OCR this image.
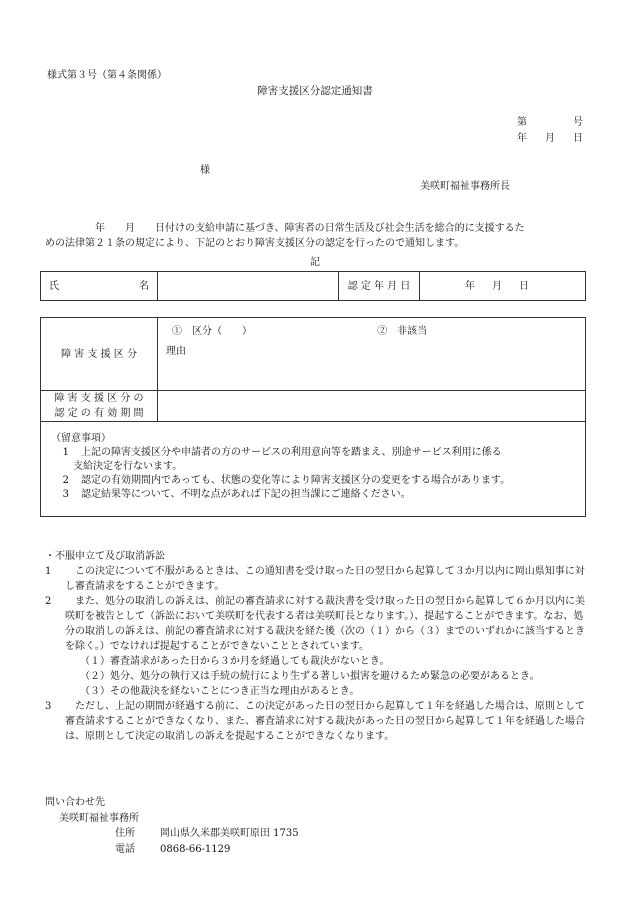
様式第３号（第４条関係）
障害支援区分認定通知書
第	号
年 月 日
様
美咲町福祉事務所長
年　　月　　日付けの支給申請に基づき、障害者の日常生活及び社会生活を総合的に支援するた
めの法律第２１条の規定により、下記のとおり障害支援区分の認定を行ったので通知します。
記
氏	名		認 定 年 月 日	年 月 日
障 害 支 援 区 分	①　区分（　　） ②　非該当
	理由

障 害 支 援 区 分 の
認 定 の 有 効 期 間	

（留意事項）
1	上記の障害支援区分や申請者の方のサービスの利用意向等を踏まえ、別途サービス利用に係る
支給決定を行ないます。
2	認定の有効期間内であっても、状態の変化等により障害支援区分の変更をする場合があります。
3	認定結果等について、不明な点があれば下記の担当課にご連絡ください。
・不服申立て及び取消訴訟
1	　この決定について不服があるときは、この通知書を受け取った日の翌日から起算して３か月以内に岡山県知事に対し審査請求をすることができます。
2	　また、処分の取消しの訴えは、前記の審査請求に対する裁決書を受け取った日の翌日から起算して６か月以内に美咲町を被告として（訴訟において美咲町を代表する者は美咲町長となります。）、提起することができます。なお、処分の取消しの訴えは、前記の審査請求に対する裁決を経た後（次の（１）から（３）までのいずれかに該当するときを除く。）でなければ提起することができないこととされています。
（１）審査請求があった日から３か月を経過しても裁決がないとき。
（２）処分、処分の執行又は手続の続行により生ずる著しい損害を避けるため緊急の必要があるとき。
（３）その他裁決を経ないことにつき正当な理由があるとき。
3	　ただし、上記の期間が経過する前に、この決定があった日の翌日から起算して１年を経過した場合は、原則として審査請求することができなくなり、また、審査請求に対する裁決があった日の翌日から起算して１年を経過した場合は、原則として決定の取消しの訴えを提起することができなくなります。
問い合わせ先
美咲町福祉事務所
住所	岡山県久米郡美咲町原田 1735
電話	0868-66-1129
